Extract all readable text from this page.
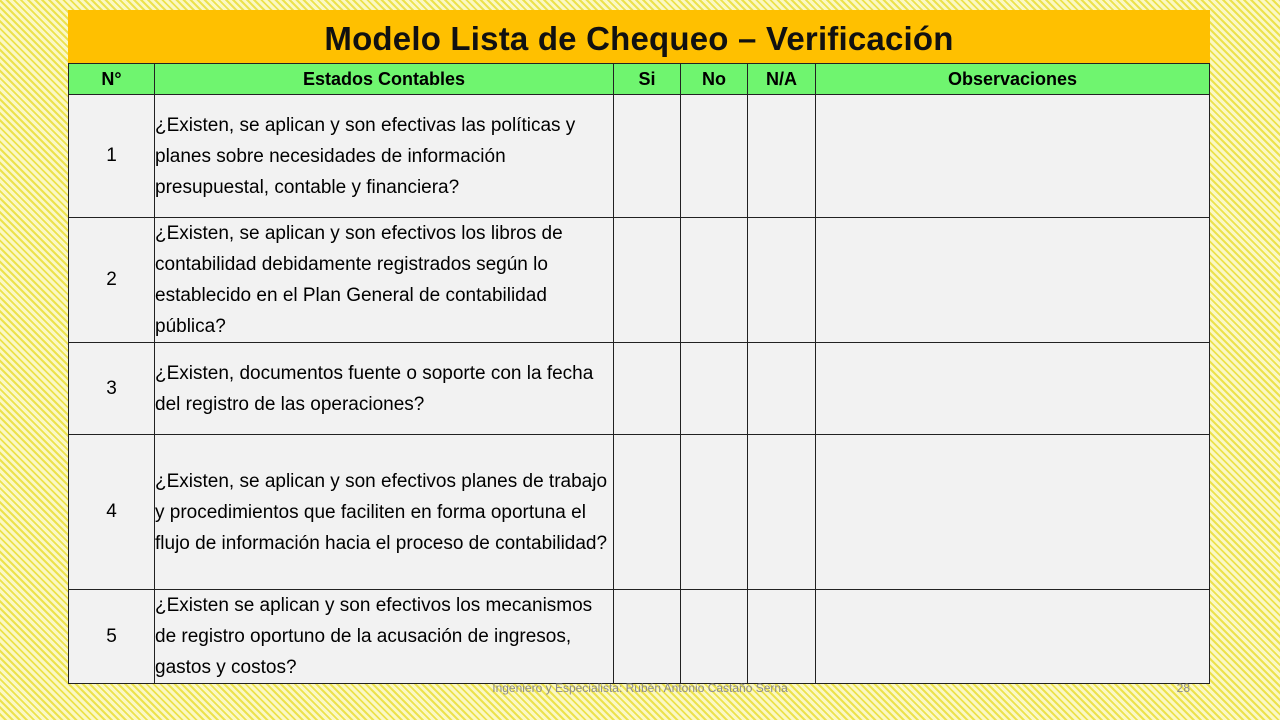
Modelo Lista de Chequeo – Verificación
N°	Estados Contables	Si	No	N/A	Observaciones
1	¿Existen, se aplican y son efectivas las políticas y planes sobre necesidades de información presupuestal, contable y financiera?				
2	¿Existen, se aplican y son efectivos los libros de contabilidad debidamente registrados según lo establecido en el Plan General de contabilidad pública?				
3	¿Existen, documentos fuente o soporte con la fecha del registro de las operaciones?				
4	¿Existen, se aplican y son efectivos planes de trabajo y procedimientos que faciliten en forma oportuna el flujo de información hacia el proceso de contabilidad?				
5	¿Existen se aplican y son efectivos los mecanismos de registro oportuno de la acusación de ingresos, gastos y costos?				
Ingeniero y Especialista: Rubén Antonio Castaño Serna	28
